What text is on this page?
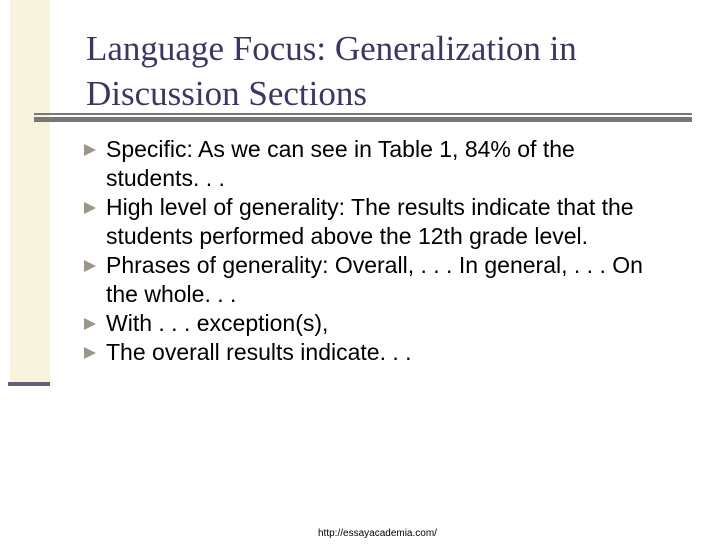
Language Focus: Generalization in
Discussion Sections
Specific: As we can see in Table 1, 84% of the students. . .
High level of generality: The results indicate that the students performed above the 12th grade level.
Phrases of generality: Overall, . . . In general, . . . On the whole. . .
With . . . exception(s),
The overall results indicate. . .
http://essayacademia.com/
